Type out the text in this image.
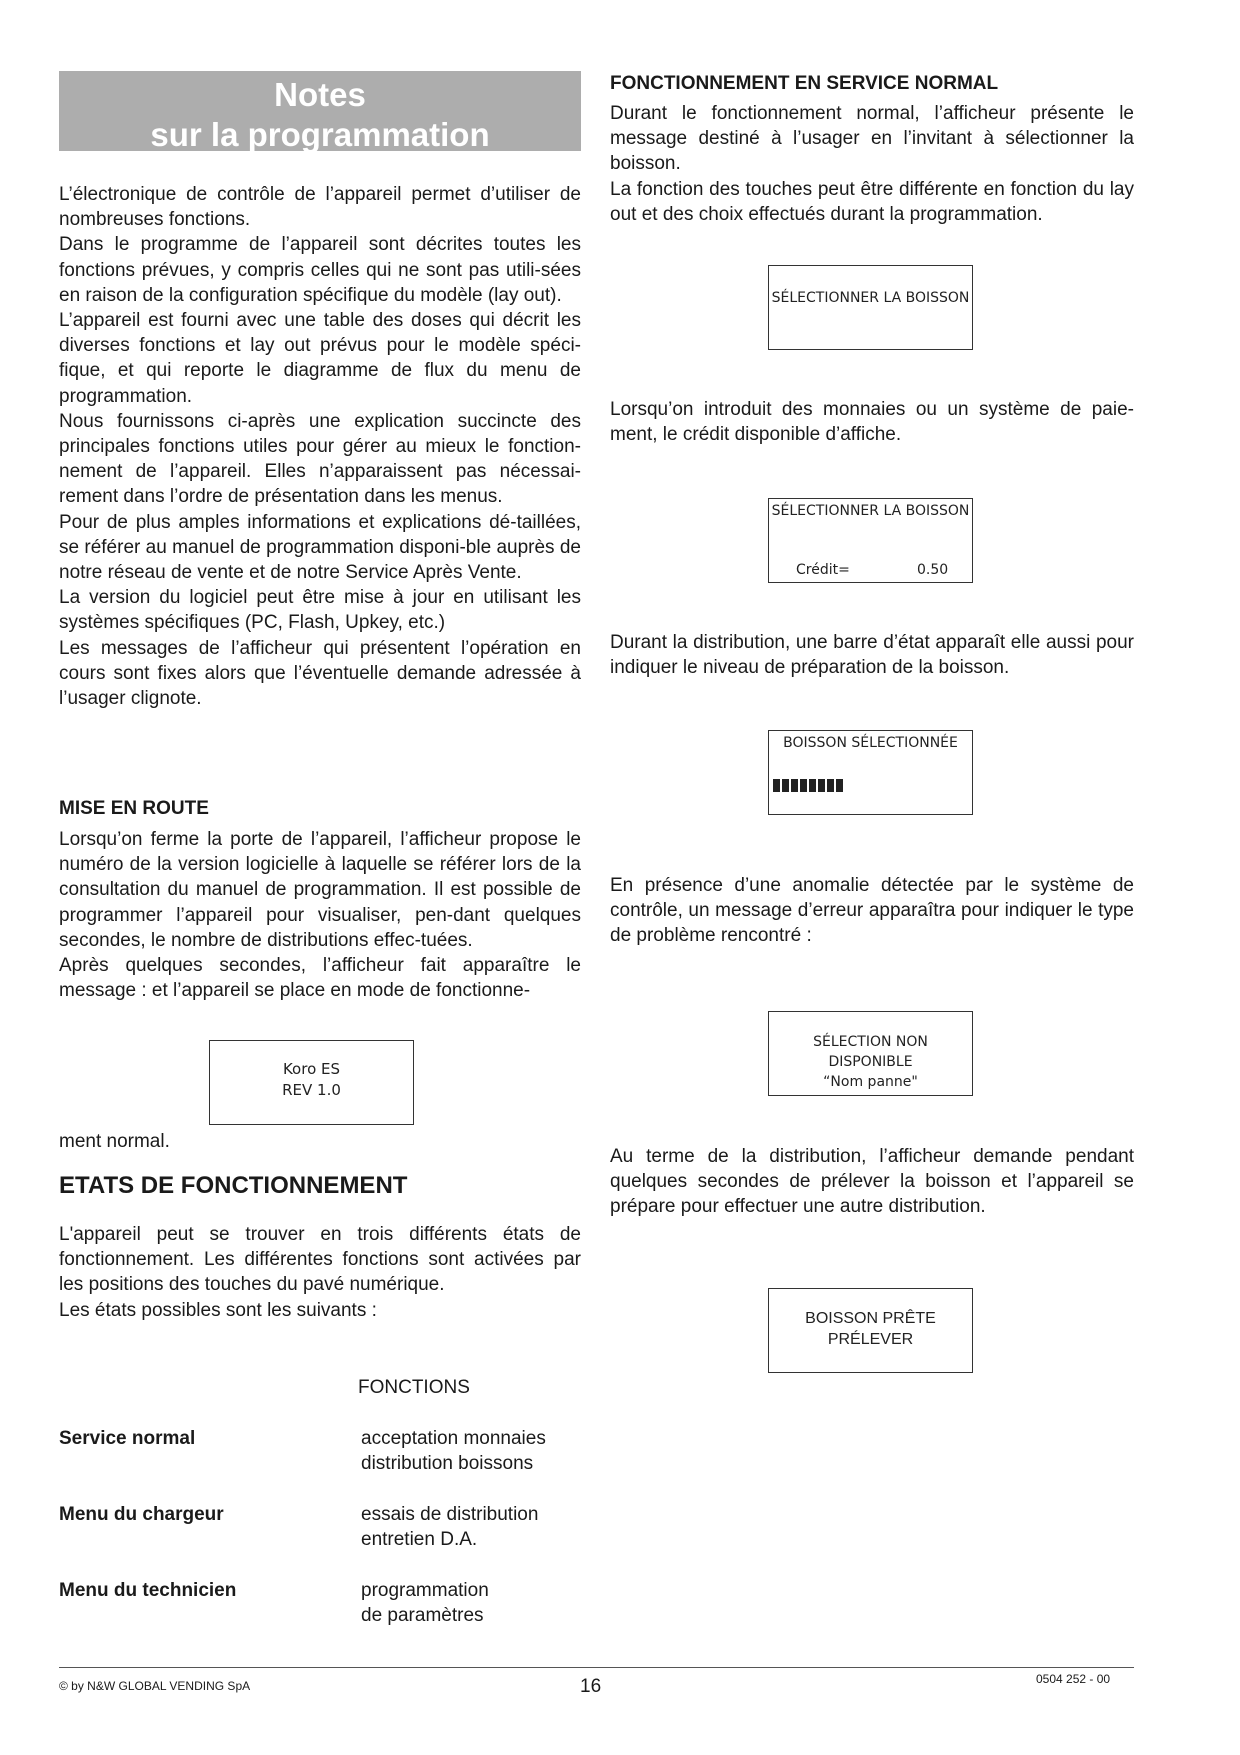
Notes
sur la programmation

L’électronique de contrôle de l’appareil permet d’utiliser de nombreuses fonctions.

Dans le programme de l’appareil sont décrites toutes les fonctions prévues, y compris celles qui ne sont pas utili-sées en raison de la configuration spécifique du modèle (lay out).

L’appareil est fourni avec une table des doses qui décrit les diverses fonctions et lay out prévus pour le modèle spéci-fique, et qui reporte le diagramme de flux du menu de programmation.

Nous fournissons ci-après une explication succincte des principales fonctions utiles pour gérer au mieux le fonction-nement de l’appareil. Elles n’apparaissent pas nécessai-rement dans l’ordre de présentation dans les menus.

Pour de plus amples informations et explications dé-taillées, se référer au manuel de programmation disponi-ble auprès de notre réseau de vente et de notre Service Après Vente.

La version du logiciel peut être mise à jour en utilisant les systèmes spécifiques (PC, Flash, Upkey, etc.)

Les messages de l’afficheur qui présentent l’opération en cours sont fixes alors que l’éventuelle demande adressée à l’usager clignote.

MISE EN ROUTE

Lorsqu’on ferme la porte de l’appareil, l’afficheur propose le numéro de la version logicielle à laquelle se référer lors de la consultation du manuel de programmation. Il est possible de programmer l’appareil pour visualiser, pen-dant quelques secondes, le nombre de distributions effec-tuées.

Après quelques secondes, l’afficheur fait apparaître le message : et l’appareil se place en mode de fonctionne-

ment normal.

ETATS DE FONCTIONNEMENT

L'appareil peut se trouver en trois différents états de fonctionnement. Les différentes fonctions sont activées par les positions des touches du pavé numérique.

Les états possibles sont les suivants :

FONCTIONS
Service normal	acceptation monnaies
distribution boissons
Menu du chargeur	essais de distribution
entretien D.A.
Menu du technicien	programmation
de paramètres
Koro ES
REV 1.0
FONCTIONNEMENT EN SERVICE NORMAL

Durant le fonctionnement normal, l’afficheur présente le message destiné à l’usager en l’invitant à sélectionner la boisson.

La fonction des touches peut être différente en fonction du lay out et des choix effectués durant la programmation.

Lorsqu’on introduit des monnaies ou un système de paie-ment, le crédit disponible d’affiche.

Durant la distribution, une barre d’état apparaît elle aussi pour indiquer le niveau de préparation de la boisson.

En présence d’une anomalie détectée par le système de contrôle, un message d’erreur apparaîtra pour indiquer le type de problème rencontré :

Au terme de la distribution, l’afficheur demande pendant quelques secondes de prélever la boisson et l’appareil se prépare pour effectuer une autre distribution.

SÉLECTIONNER LA BOISSON
SÉLECTIONNER LA BOISSON
Crédit=	0.50
BOISSON SÉLECTIONNÉE
SÉLECTION NON DISPONIBLE
“Nom panne"
BOISSON PRÊTE
PRÉLEVER
© by N&W GLOBAL VENDING SpA	16	0504 252 - 00
